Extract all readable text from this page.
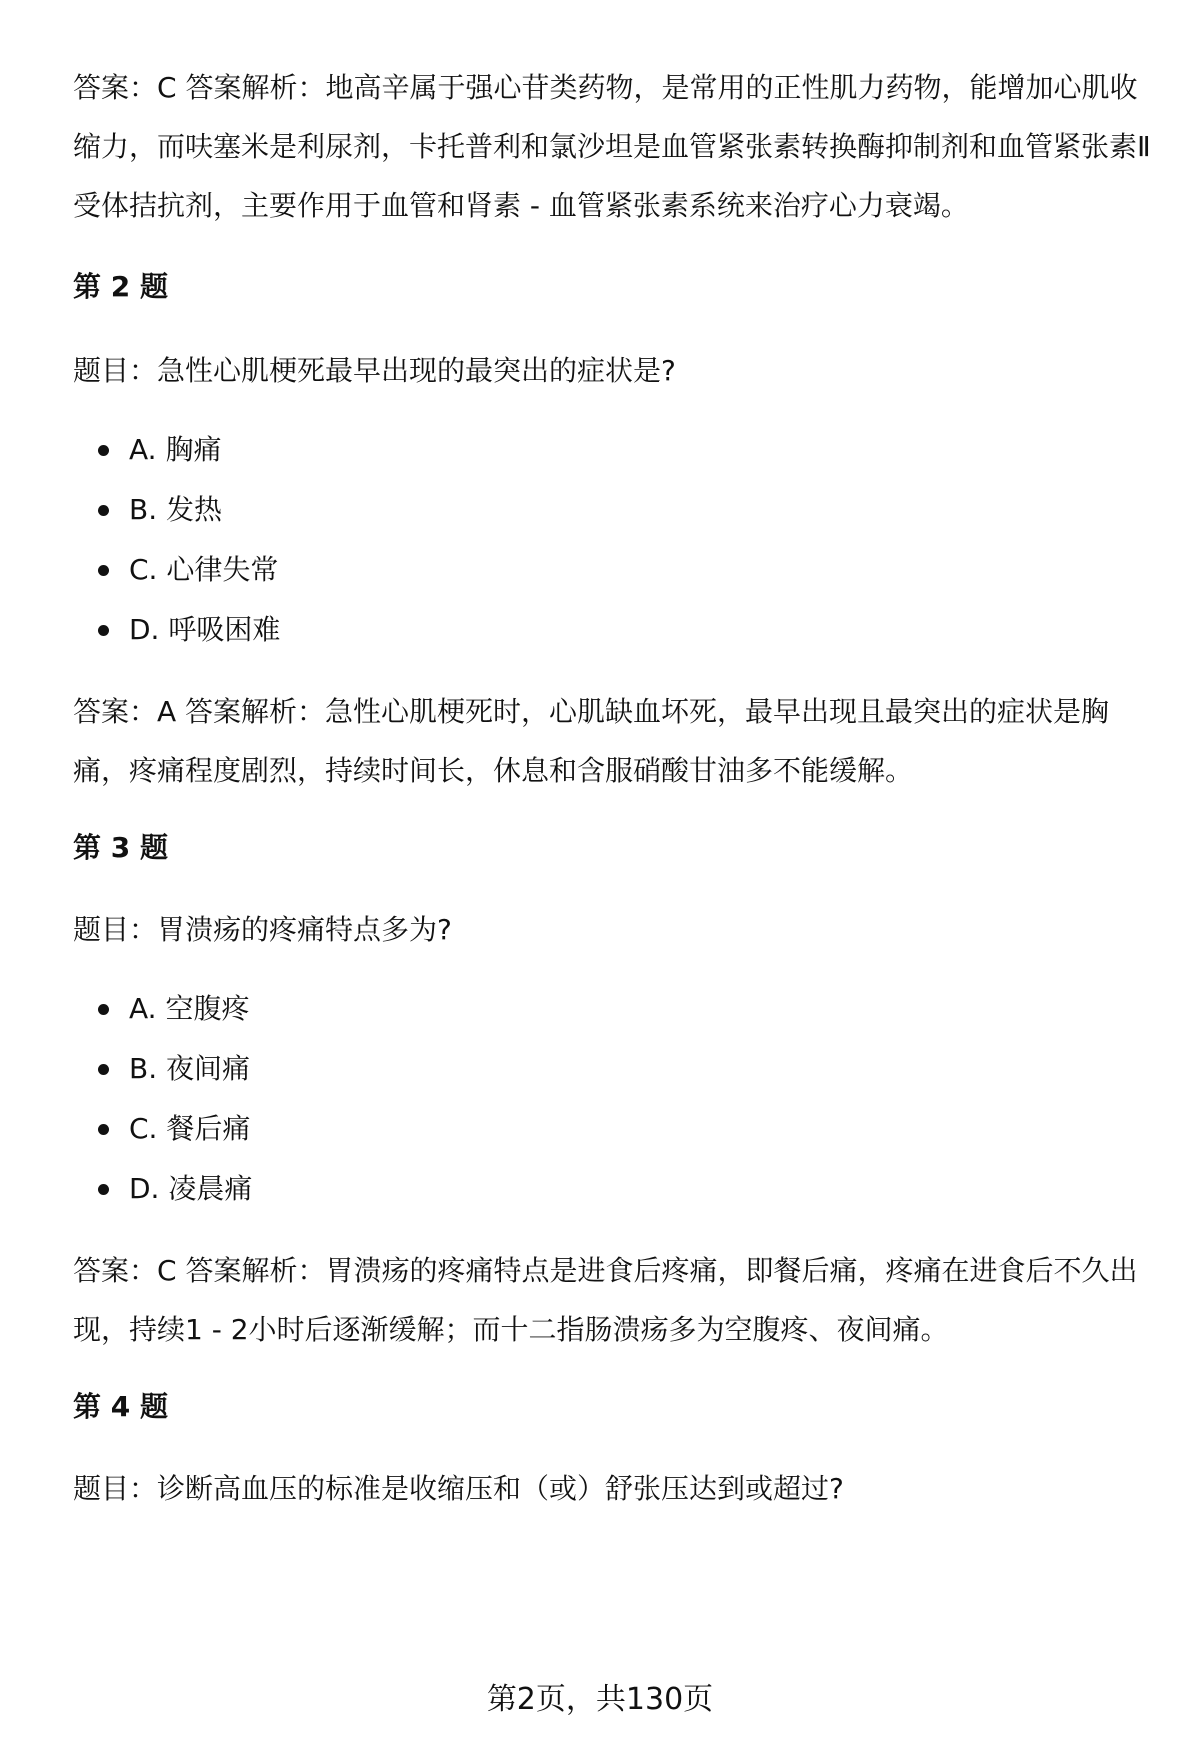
答案：C 答案解析：地高辛属于强心苷类药物，是常用的正性肌力药物，能增加心肌收缩力，而呋塞米是利尿剂，卡托普利和氯沙坦是血管紧张素转换酶抑制剂和血管紧张素Ⅱ受体拮抗剂，主要作用于血管和肾素 - 血管紧张素系统来治疗心力衰竭。

第 2 题

题目：急性心肌梗死最早出现的最突出的症状是?

A. 胸痛
B. 发热
C. 心律失常
D. 呼吸困难

答案：A 答案解析：急性心肌梗死时，心肌缺血坏死，最早出现且最突出的症状是胸痛，疼痛程度剧烈，持续时间长，休息和含服硝酸甘油多不能缓解。

第 3 题

题目：胃溃疡的疼痛特点多为?

A. 空腹疼
B. 夜间痛
C. 餐后痛
D. 凌晨痛

答案：C 答案解析：胃溃疡的疼痛特点是进食后疼痛，即餐后痛，疼痛在进食后不久出现，持续1 - 2小时后逐渐缓解；而十二指肠溃疡多为空腹疼、夜间痛。

第 4 题

题目：诊断高血压的标准是收缩压和（或）舒张压达到或超过?

第2页，共130页
